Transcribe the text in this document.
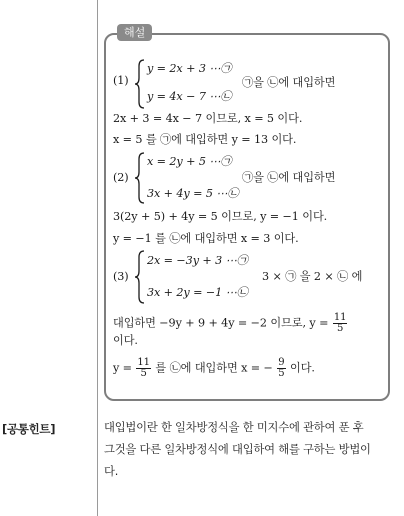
해설
(1)
y = 2x + 3 ⋯㉠
y = 4x − 7 ⋯㉡
㉠을 ㉡에 대입하면
2x + 3 = 4x − 7 이므로, x = 5 이다.
x = 5 를 ㉠에 대입하면 y = 13 이다.
(2)
x = 2y + 5 ⋯㉠
3x + 4y = 5 ⋯㉡
㉠을 ㉡에 대입하면
3(2y + 5) + 4y = 5 이므로, y = −1 이다.
y = −1 를 ㉡에 대입하면 x = 3 이다.
(3)
2x = −3y + 3 ⋯㉠
3x + 2y = −1 ⋯㉡
3 × ㉠ 을 2 × ㉡ 에
대입하면 −9y + 9 + 4y = −2 이므로, $y = \frac{11}{5}$
이다.
$y = \frac{11}{5}$ 를 ㉡에 대입하면 x = − $\frac{9}{5}$ 이다.
[공통힌트]	대입법이란 한 일차방정식을 한 미지수에 관하여 푼 후
그것을 다른 일차방정식에 대입하여 해를 구하는 방법이
다.
